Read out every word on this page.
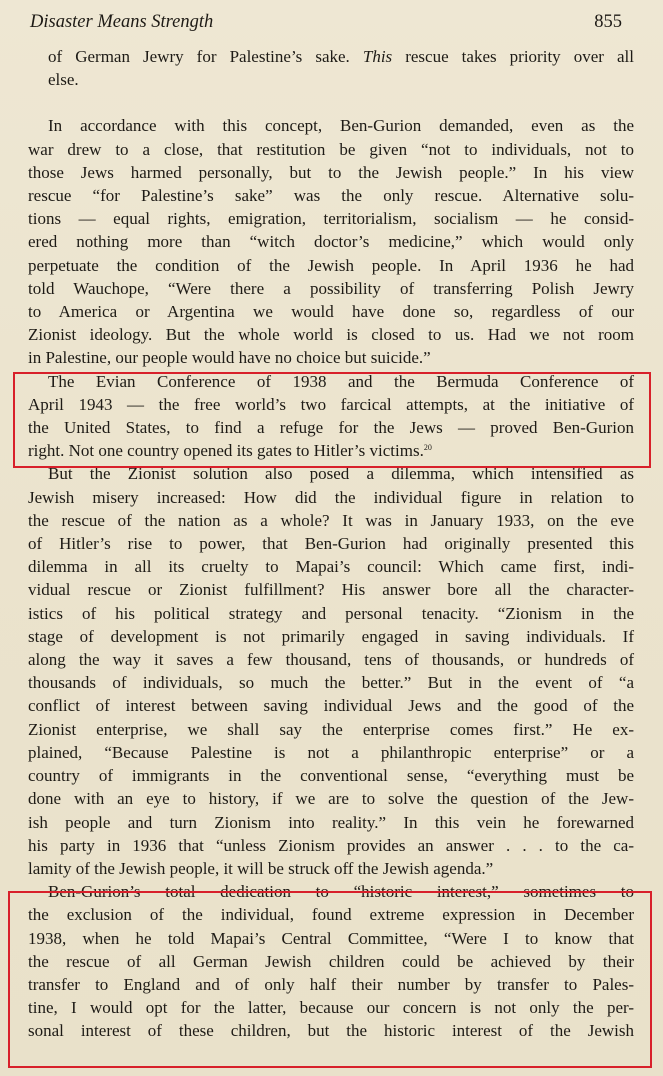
Disaster Means Strength	855

of German Jewry for Palestine’s sake. This rescue takes priority over all
else.

In accordance with this concept, Ben-Gurion demanded, even as the
war drew to a close, that restitution be given “not to individuals, not to
those Jews harmed personally, but to the Jewish people.” In his view
rescue “for Palestine’s sake” was the only rescue. Alternative solu-
tions — equal rights, emigration, territorialism, socialism — he consid-
ered nothing more than “witch doctor’s medicine,” which would only
perpetuate the condition of the Jewish people. In April 1936 he had
told Wauchope, “Were there a possibility of transferring Polish Jewry
to America or Argentina we would have done so, regardless of our
Zionist ideology. But the whole world is closed to us. Had we not room
in Palestine, our people would have no choice but suicide.”

The Evian Conference of 1938 and the Bermuda Conference of
April 1943 — the free world’s two farcical attempts, at the initiative of
the United States, to find a refuge for the Jews — proved Ben-Gurion
right. Not one country opened its gates to Hitler’s victims.$^{20}$

But the Zionist solution also posed a dilemma, which intensified as
Jewish misery increased: How did the individual figure in relation to
the rescue of the nation as a whole? It was in January 1933, on the eve
of Hitler’s rise to power, that Ben-Gurion had originally presented this
dilemma in all its cruelty to Mapai’s council: Which came first, indi-
vidual rescue or Zionist fulfillment? His answer bore all the character-
istics of his political strategy and personal tenacity. “Zionism in the
stage of development is not primarily engaged in saving individuals. If
along the way it saves a few thousand, tens of thousands, or hundreds of
thousands of individuals, so much the better.” But in the event of “a
conflict of interest between saving individual Jews and the good of the
Zionist enterprise, we shall say the enterprise comes first.” He ex-
plained, “Because Palestine is not a philanthropic enterprise” or a
country of immigrants in the conventional sense, “everything must be
done with an eye to history, if we are to solve the question of the Jew-
ish people and turn Zionism into reality.” In this vein he forewarned
his party in 1936 that “unless Zionism provides an answer . . . to the ca-
lamity of the Jewish people, it will be struck off the Jewish agenda.”

Ben-Gurion’s total dedication to “historic interest,” sometimes to
the exclusion of the individual, found extreme expression in December
1938, when he told Mapai’s Central Committee, “Were I to know that
the rescue of all German Jewish children could be achieved by their
transfer to England and of only half their number by transfer to Pales-
tine, I would opt for the latter, because our concern is not only the per-
sonal interest of these children, but the historic interest of the Jewish
